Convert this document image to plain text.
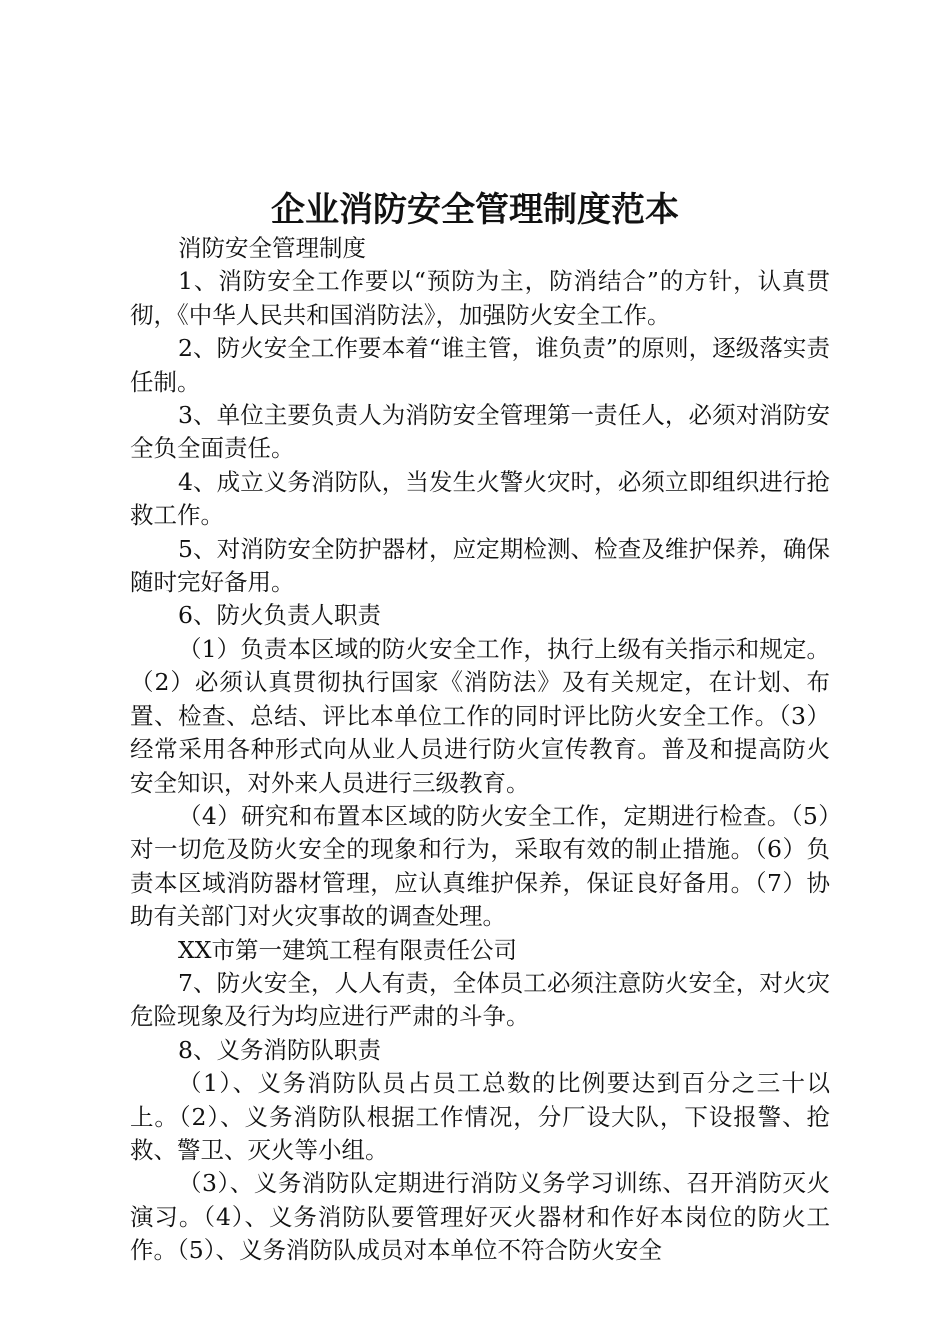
企业消防安全管理制度范本

消防安全管理制度

1、消防安全工作要以“预防为主，防消结合”的方针，认真贯彻，《中华人民共和国消防法》，加强防火安全工作。

2、防火安全工作要本着“谁主管，谁负责”的原则，逐级落实责任制。

3、单位主要负责人为消防安全管理第一责任人，必须对消防安全负全面责任。

4、成立义务消防队，当发生火警火灾时，必须立即组织进行抢救工作。

5、对消防安全防护器材，应定期检测、检查及维护保养，确保随时完好备用。

6、防火负责人职责

（1）负责本区域的防火安全工作，执行上级有关指示和规定。（2）必须认真贯彻执行国家《消防法》及有关规定，在计划、布置、检查、总结、评比本单位工作的同时评比防火安全工作。（3）经常采用各种形式向从业人员进行防火宣传教育。普及和提高防火安全知识，对外来人员进行三级教育。

（4）研究和布置本区域的防火安全工作，定期进行检查。（5）对一切危及防火安全的现象和行为，采取有效的制止措施。（6）负责本区域消防器材管理，应认真维护保养，保证良好备用。（7）协助有关部门对火灾事故的调查处理。

XX市第一建筑工程有限责任公司

7、防火安全，人人有责，全体员工必须注意防火安全，对火灾危险现象及行为均应进行严肃的斗争。

8、义务消防队职责

（1）、义务消防队员占员工总数的比例要达到百分之三十以上。（2）、义务消防队根据工作情况，分厂设大队，下设报警、抢救、警卫、灭火等小组。

（3）、义务消防队定期进行消防义务学习训练、召开消防灭火演习。（4）、义务消防队要管理好灭火器材和作好本岗位的防火工作。（5）、义务消防队成员对本单位不符合防火安全
